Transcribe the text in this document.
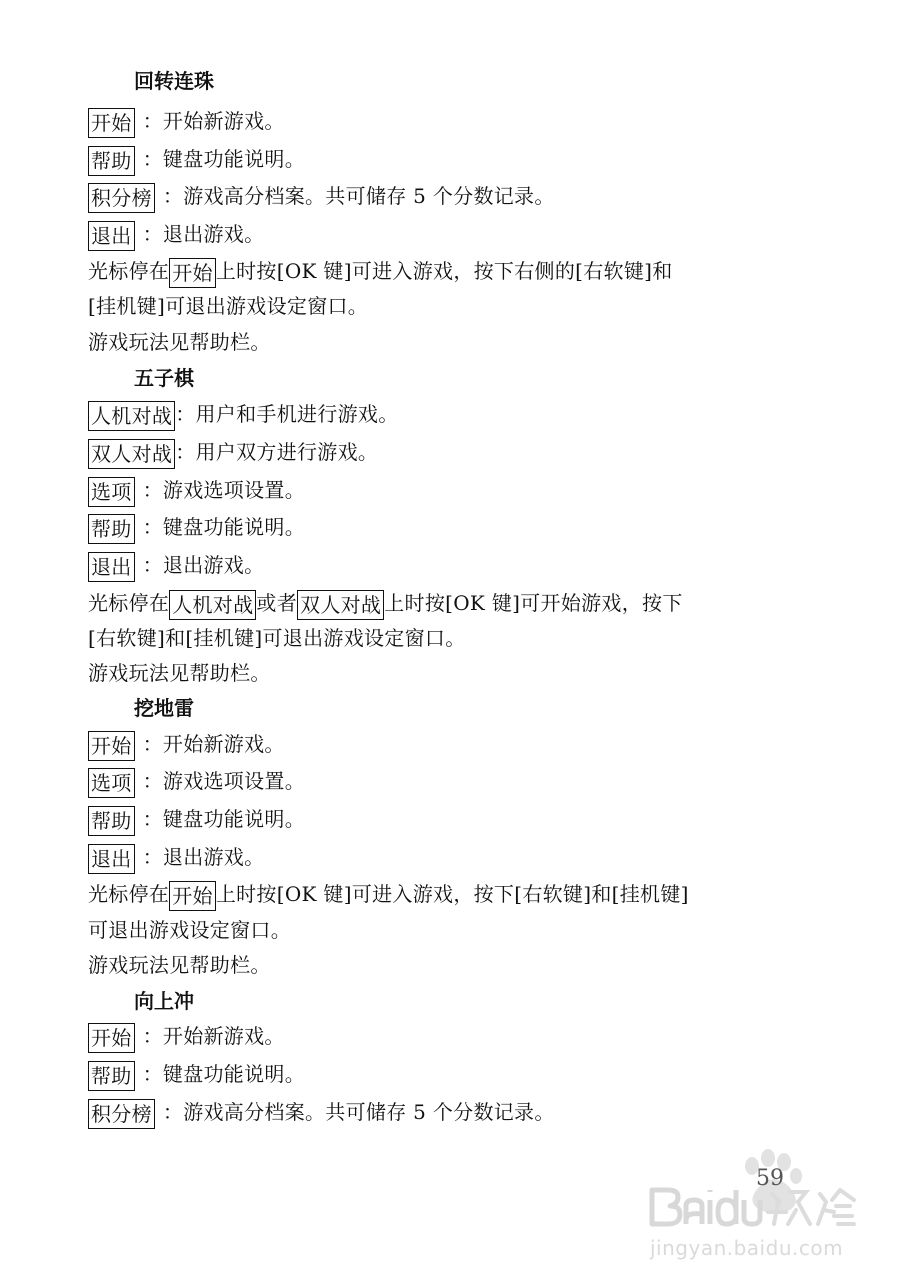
回转连珠
开始 ：开始新游戏。
帮助 ：键盘功能说明。
积分榜 ：游戏高分档案。共可储存 5 个分数记录。
退出 ：退出游戏。
光标停在 开始 上时按[OK 键]可进入游戏，按下右侧的[右软键]和
[挂机键]可退出游戏设定窗口。
游戏玩法见帮助栏。
五子棋
人机对战 ：用户和手机进行游戏。
双人对战 ：用户双方进行游戏。
选项 ：游戏选项设置。
帮助 ：键盘功能说明。
退出 ：退出游戏。
光标停在 人机对战 或者 双人对战 上时按[OK 键]可开始游戏，按下
[右软键]和[挂机键]可退出游戏设定窗口。
游戏玩法见帮助栏。
挖地雷
开始 ：开始新游戏。
选项 ：游戏选项设置。
帮助 ：键盘功能说明。
退出 ：退出游戏。
光标停在 开始 上时按[OK 键]可进入游戏，按下[右软键]和[挂机键]
可退出游戏设定窗口。
游戏玩法见帮助栏。
向上冲
开始 ：开始新游戏。
帮助 ：键盘功能说明。
积分榜 ：游戏高分档案。共可储存 5 个分数记录。
jingyan.baidu.com
59
